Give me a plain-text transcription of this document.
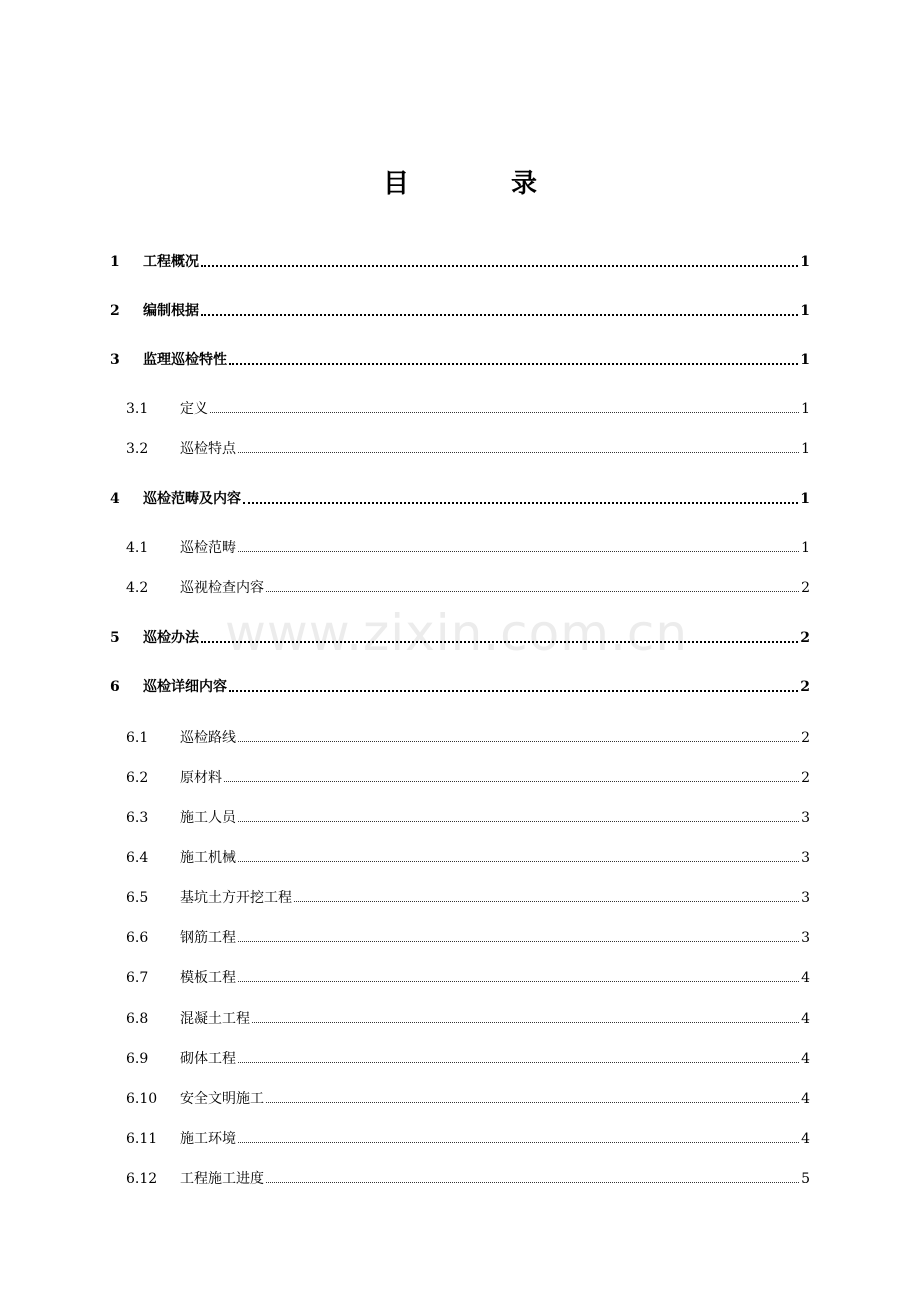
目　录
www.zixin.com.cn
1	工程概况	1
2	编制根据	1
3	监理巡检特性	1
3.1	定义	1
3.2	巡检特点	1
4	巡检范畴及内容	1
4.1	巡检范畴	1
4.2	巡视检查内容	2
5	巡检办法	2
6	巡检详细内容	2
6.1	巡检路线	2
6.2	原材料	2
6.3	施工人员	3
6.4	施工机械	3
6.5	基坑土方开挖工程	3
6.6	钢筋工程	3
6.7	模板工程	4
6.8	混凝土工程	4
6.9	砌体工程	4
6.10	安全文明施工	4
6.11	施工环境	4
6.12	工程施工进度	5
